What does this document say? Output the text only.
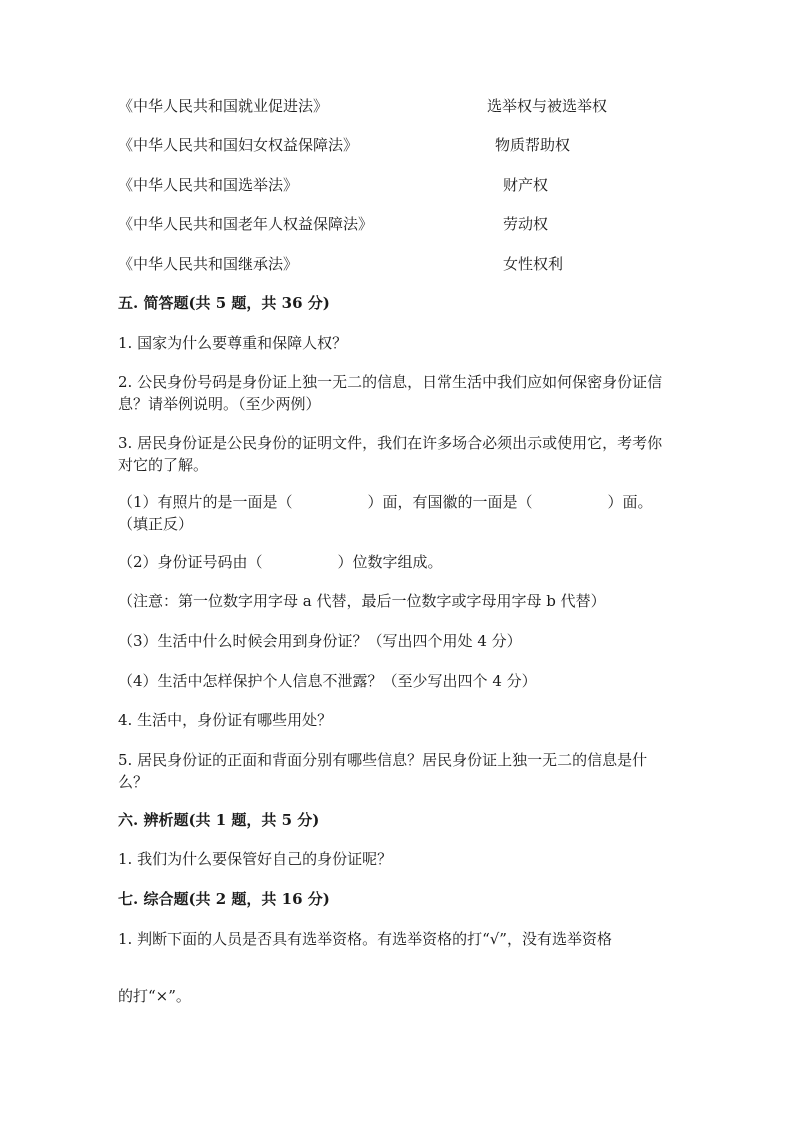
《中华人民共和国就业促进法》	选举权与被选举权
《中华人民共和国妇女权益保障法》	物质帮助权
《中华人民共和国选举法》	财产权
《中华人民共和国老年人权益保障法》	劳动权
《中华人民共和国继承法》	女性权利
五. 简答题(共 5 题，共 36 分)
1. 国家为什么要尊重和保障人权？
2. 公民身份号码是身份证上独一无二的信息，日常生活中我们应如何保密身份证信息？请举例说明。（至少两例）
3. 居民身份证是公民身份的证明文件，我们在许多场合必须出示或使用它，考考你对它的了解。
（1）有照片的是一面是（　　　　　）面，有国徽的一面是（　　　　　）面。（填正反）
（2）身份证号码由（　　　　　）位数字组成。
（注意：第一位数字用字母 a 代替，最后一位数字或字母用字母 b 代替）
（3）生活中什么时候会用到身份证？（写出四个用处 4 分）
（4）生活中怎样保护个人信息不泄露？（至少写出四个 4 分）
4. 生活中，身份证有哪些用处？
5. 居民身份证的正面和背面分别有哪些信息？居民身份证上独一无二的信息是什么？
六. 辨析题(共 1 题，共 5 分)
1. 我们为什么要保管好自己的身份证呢？
七. 综合题(共 2 题，共 16 分)
1. 判断下面的人员是否具有选举资格。有选举资格的打“√”，没有选举资格
的打“×”。
